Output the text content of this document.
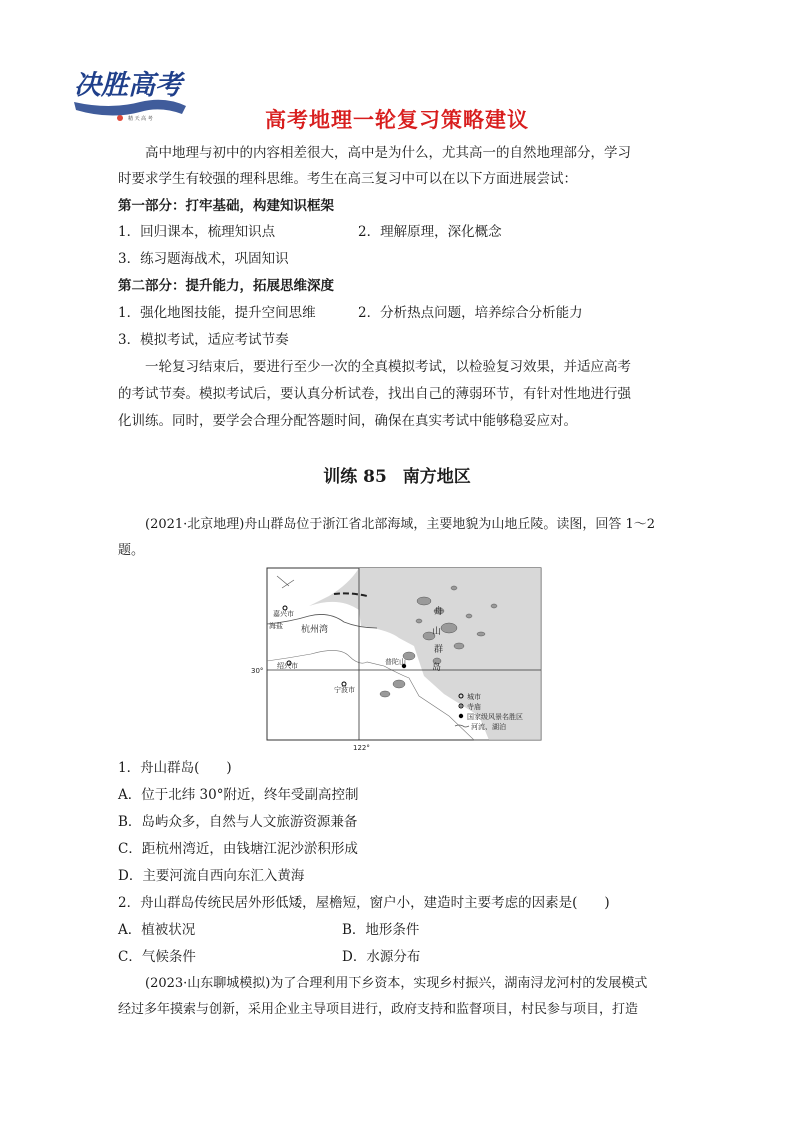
决胜高考
精 天 高 考	高考地理一轮复习策略建议

高中地理与初中的内容相差很大，高中是为什么，尤其高一的自然地理部分，学习

时要求学生有较强的理科思维。考生在高三复习中可以在以下方面进展尝试：

第一部分：打牢基础，构建知识框架

1．回归课本，梳理知识点	2．理解原理，深化概念

3．练习题海战术，巩固知识

第二部分：提升能力，拓展思维深度

1．强化地图技能，提升空间思维	2．分析热点问题，培养综合分析能力

3．模拟考试，适应考试节奏

一轮复习结束后，要进行至少一次的全真模拟考试，以检验复习效果，并适应高考

的考试节奏。模拟考试后，要认真分析试卷，找出自己的薄弱环节，有针对性地进行强

化训练。同时，要学会合理分配答题时间，确保在真实考试中能够稳妥应对。

训练 85 南方地区

(2021·北京地理)舟山群岛位于浙江省北部海域，主要地貌为山地丘陵。读图，回答 1～2

题。

嘉兴市
海盐 杭州湾
绍兴市
宁波市
普陀山
舟
山
群
岛
30°
122°
城市
寺庙
国家级风景名胜区
河流、湖泊
1．舟山群岛(　　)
A．位于北纬 30°附近，终年受副高控制
B．岛屿众多，自然与人文旅游资源兼备
C．距杭州湾近，由钱塘江泥沙淤积形成
D．主要河流自西向东汇入黄海
2．舟山群岛传统民居外形低矮，屋檐短，窗户小，建造时主要考虑的因素是(　　)
A．植被状况	B．地形条件
C．气候条件	D．水源分布

(2023·山东聊城模拟)为了合理利用下乡资本，实现乡村振兴，湖南浔龙河村的发展模式

经过多年摸索与创新，采用企业主导项目进行，政府支持和监督项目，村民参与项目，打造
